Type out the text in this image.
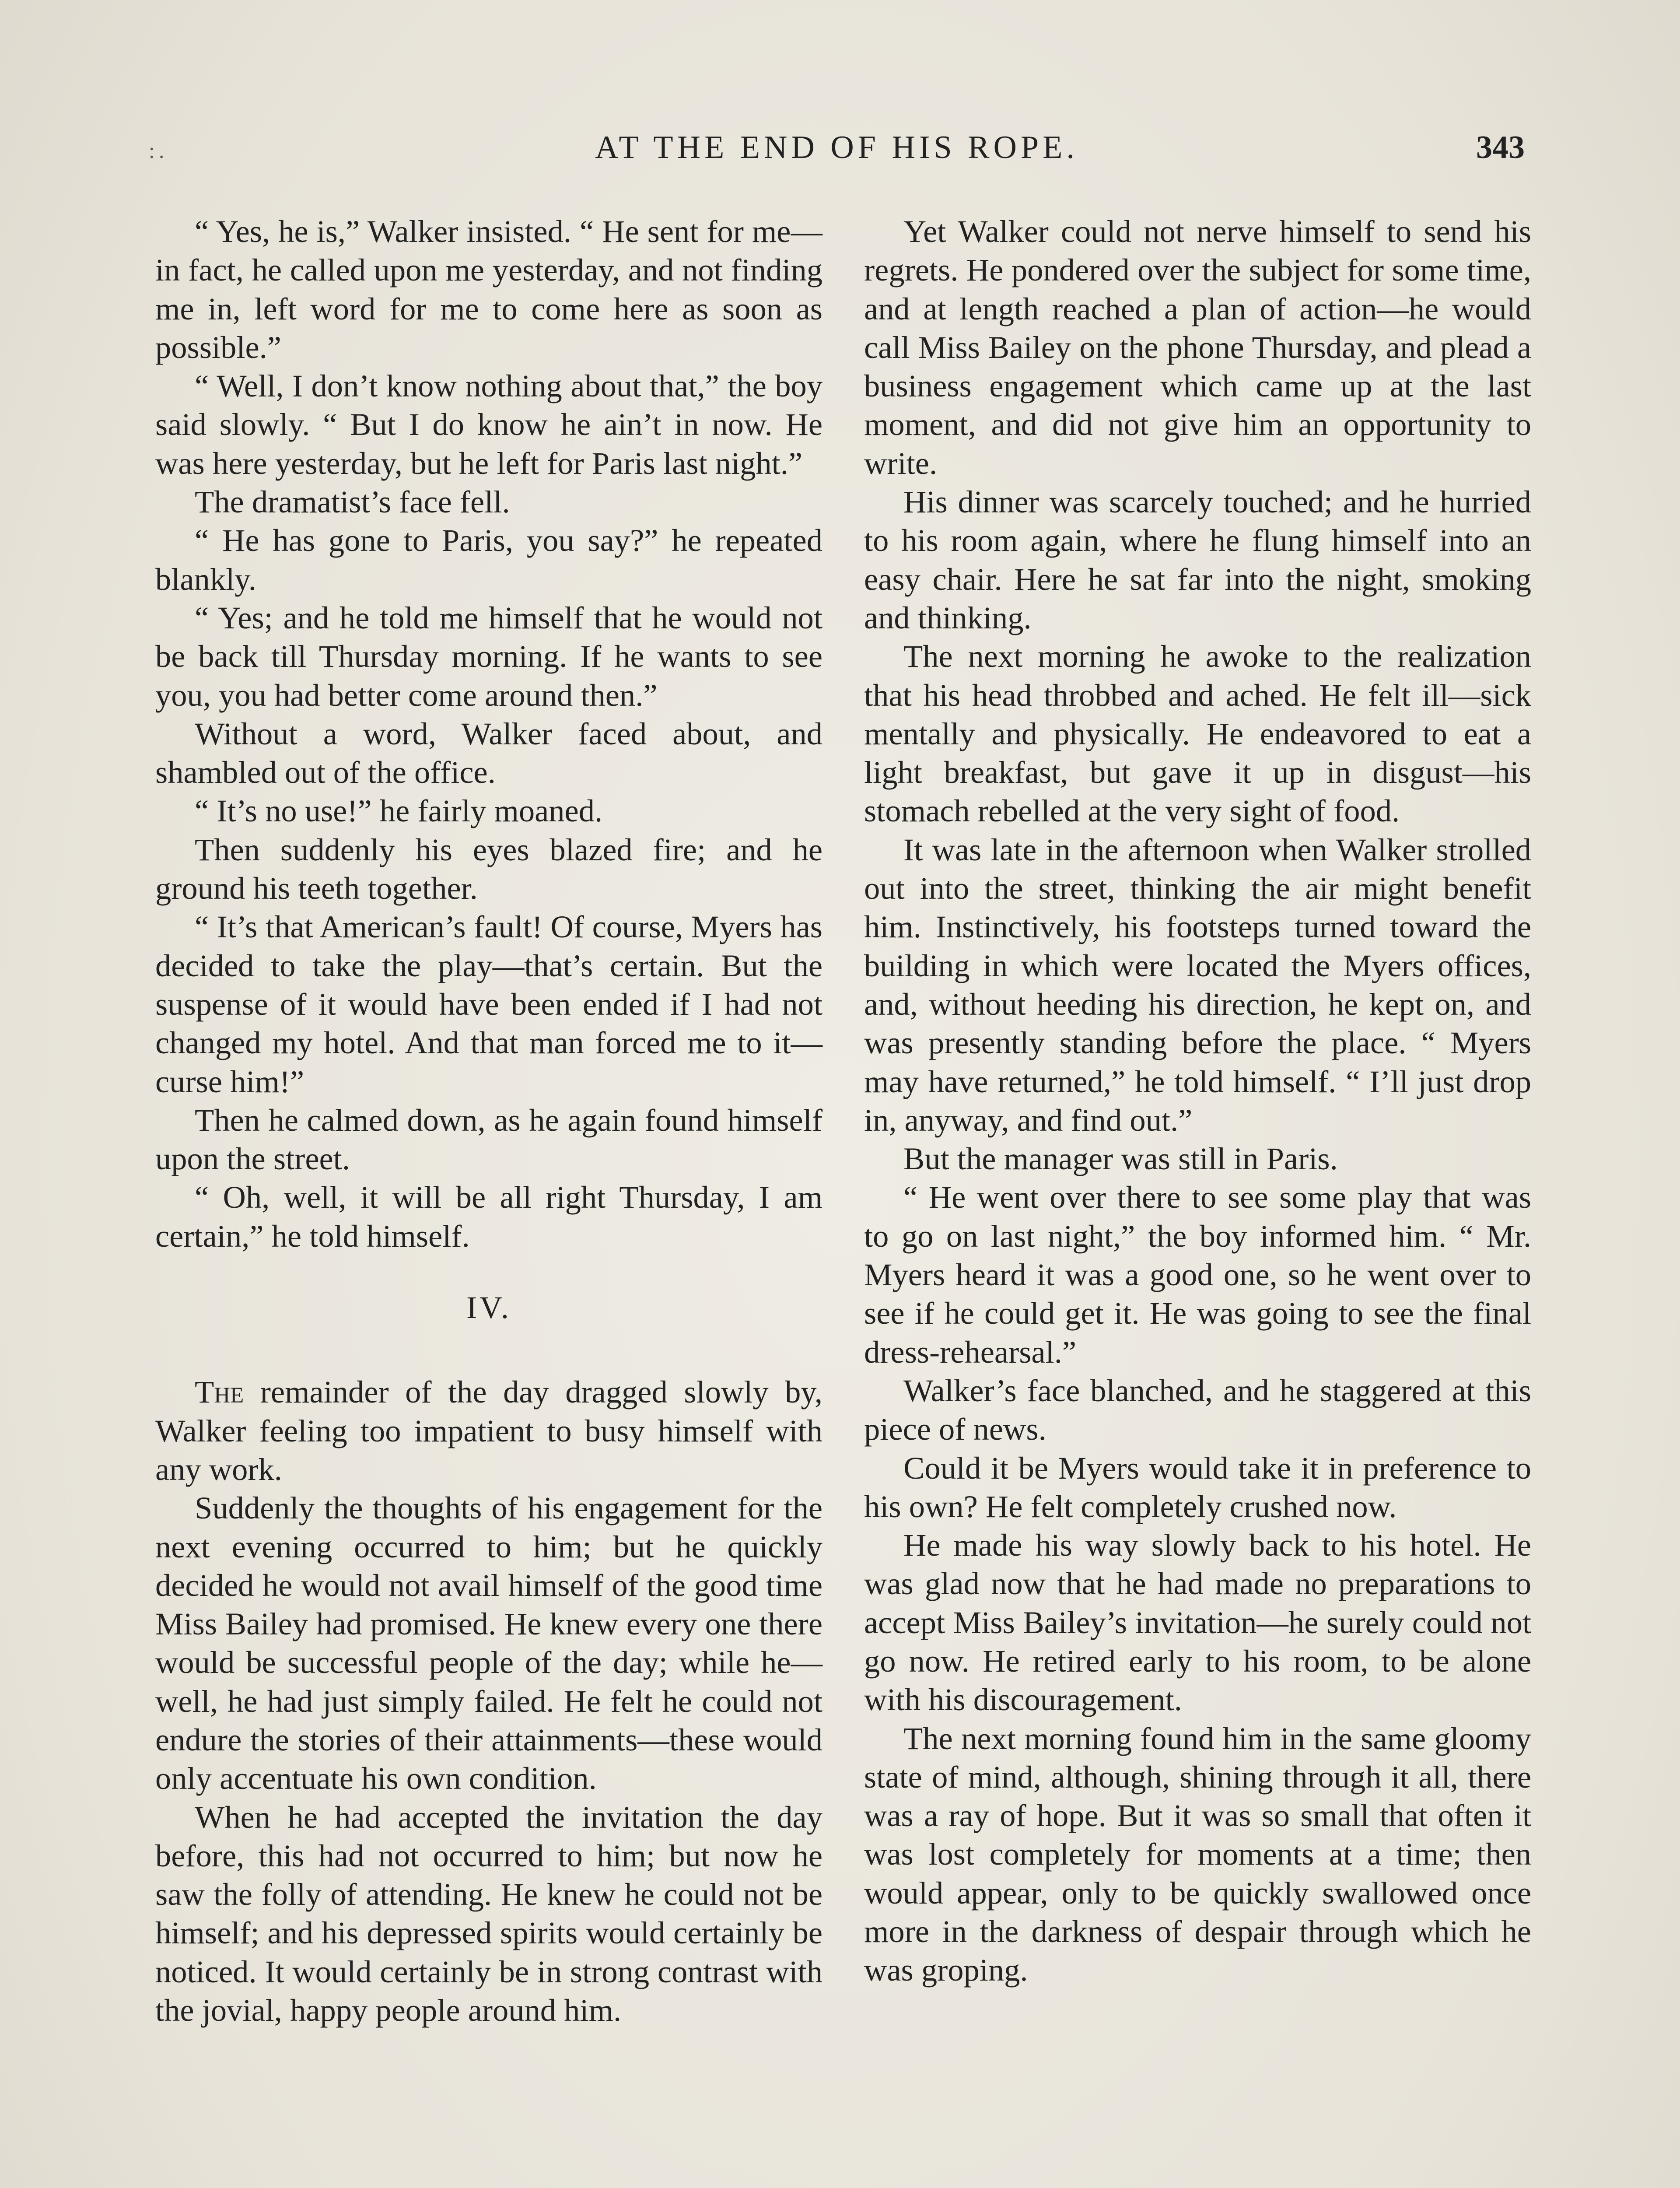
:.	AT THE END OF HIS ROPE.	343

“ Yes, he is,” Walker insisted. “ He sent for me—in fact, he called upon me yesterday, and not finding me in, left word for me to come here as soon as possible.”

“ Well, I don’t know nothing about that,” the boy said slowly. “ But I do know he ain’t in now. He was here yesterday, but he left for Paris last night.”

The dramatist’s face fell.

“ He has gone to Paris, you say?” he repeated blankly.

“ Yes; and he told me himself that he would not be back till Thursday morning. If he wants to see you, you had better come around then.”

Without a word, Walker faced about, and shambled out of the office.

“ It’s no use!” he fairly moaned.

Then suddenly his eyes blazed fire; and he ground his teeth together.

“ It’s that American’s fault! Of course, Myers has decided to take the play—that’s certain. But the suspense of it would have been ended if I had not changed my hotel. And that man forced me to it—curse him!”

Then he calmed down, as he again found himself upon the street.

“ Oh, well, it will be all right Thursday, I am certain,” he told himself.

IV.

The remainder of the day dragged slowly by, Walker feeling too impatient to busy himself with any work.

Suddenly the thoughts of his engagement for the next evening occurred to him; but he quickly decided he would not avail himself of the good time Miss Bailey had promised. He knew every one there would be successful people of the day; while he—well, he had just simply failed. He felt he could not endure the stories of their attainments—these would only accentuate his own condition.

When he had accepted the invitation the day before, this had not occurred to him; but now he saw the folly of attending. He knew he could not be himself; and his depressed spirits would certainly be noticed. It would certainly be in strong contrast with the jovial, happy people around him.

Yet Walker could not nerve himself to send his regrets. He pondered over the subject for some time, and at length reached a plan of action—he would call Miss Bailey on the phone Thursday, and plead a business engagement which came up at the last moment, and did not give him an opportunity to write.

His dinner was scarcely touched; and he hurried to his room again, where he flung himself into an easy chair. Here he sat far into the night, smoking and thinking.

The next morning he awoke to the realization that his head throbbed and ached. He felt ill—sick mentally and physically. He endeavored to eat a light breakfast, but gave it up in disgust—his stomach rebelled at the very sight of food.

It was late in the afternoon when Walker strolled out into the street, thinking the air might benefit him. Instinctively, his footsteps turned toward the building in which were located the Myers offices, and, without heeding his direction, he kept on, and was presently standing before the place. “ Myers may have returned,” he told himself. “ I’ll just drop in, anyway, and find out.”

But the manager was still in Paris.

“ He went over there to see some play that was to go on last night,” the boy informed him. “ Mr. Myers heard it was a good one, so he went over to see if he could get it. He was going to see the final dress-rehearsal.”

Walker’s face blanched, and he staggered at this piece of news.

Could it be Myers would take it in preference to his own? He felt completely crushed now.

He made his way slowly back to his hotel. He was glad now that he had made no preparations to accept Miss Bailey’s invitation—he surely could not go now. He retired early to his room, to be alone with his discouragement.

The next morning found him in the same gloomy state of mind, although, shining through it all, there was a ray of hope. But it was so small that often it was lost completely for moments at a time; then would appear, only to be quickly swallowed once more in the darkness of despair through which he was groping.
